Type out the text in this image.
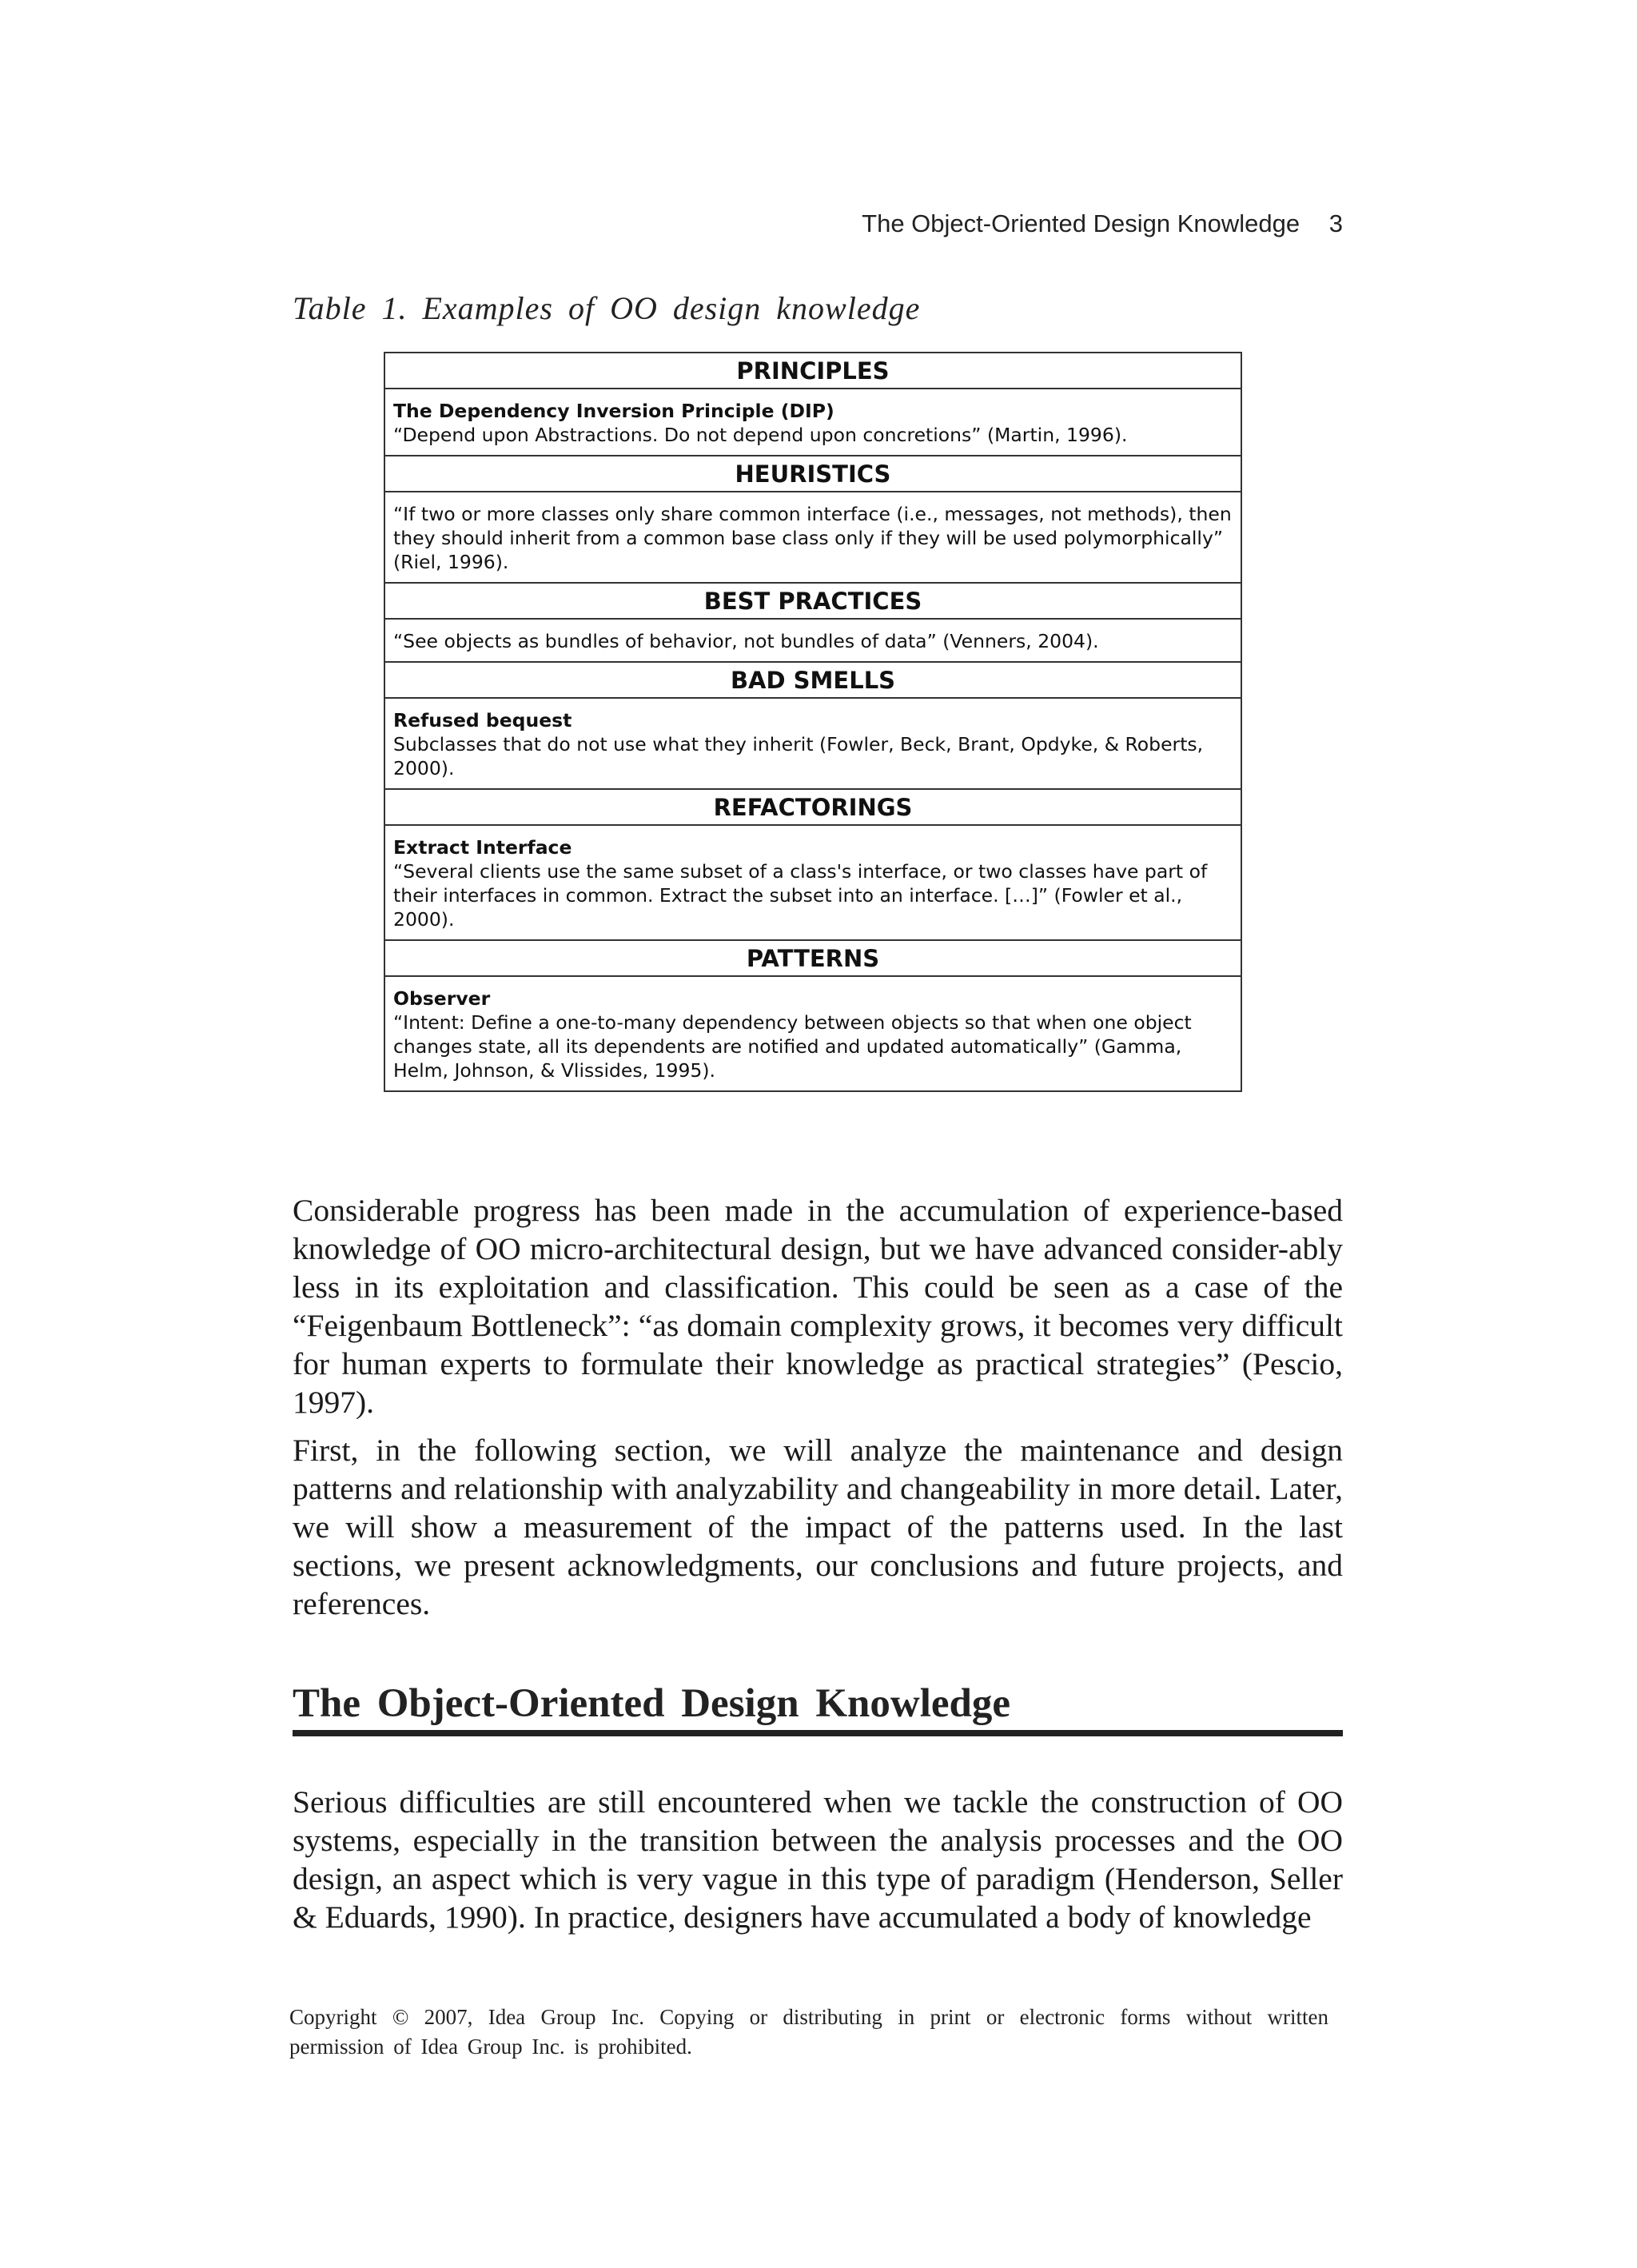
The Object-Oriented Design Knowledge 3
Table 1. Examples of OO design knowledge
PRINCIPLES

The Dependency Inversion Principle (DIP)
“Depend upon Abstractions. Do not depend upon concretions” (Martin, 1996).

HEURISTICS

“If two or more classes only share common interface (i.e., messages, not methods), then they should inherit from a common base class only if they will be used polymorphically” (Riel, 1996).

BEST PRACTICES

“See objects as bundles of behavior, not bundles of data” (Venners, 2004).

BAD SMELLS

Refused bequest
Subclasses that do not use what they inherit (Fowler, Beck, Brant, Opdyke, & Roberts, 2000).

REFACTORINGS

Extract Interface
“Several clients use the same subset of a class's interface, or two classes have part of their interfaces in common. Extract the subset into an interface. […]” (Fowler et al., 2000).

PATTERNS

Observer
“Intent: Define a one-to-many dependency between objects so that when one object changes state, all its dependents are notified and updated automatically” (Gamma, Helm, Johnson, & Vlissides, 1995).

Considerable progress has been made in the accumulation of experience-based knowledge of OO micro-architectural design, but we have advanced consider-ably less in its exploitation and classification. This could be seen as a case of the “Feigenbaum Bottleneck”: “as domain complexity grows, it becomes very difficult for human experts to formulate their knowledge as practical strategies” (Pescio, 1997).

First, in the following section, we will analyze the maintenance and design patterns and relationship with analyzability and changeability in more detail. Later, we will show a measurement of the impact of the patterns used. In the last sections, we present acknowledgments, our conclusions and future projects, and references.

The Object-Oriented Design Knowledge

Serious difficulties are still encountered when we tackle the construction of OO systems, especially in the transition between the analysis processes and the OO design, an aspect which is very vague in this type of paradigm (Henderson, Seller & Eduards, 1990). In practice, designers have accumulated a body of knowledge

Copyright © 2007, Idea Group Inc. Copying or distributing in print or electronic forms without written permission of Idea Group Inc. is prohibited.
